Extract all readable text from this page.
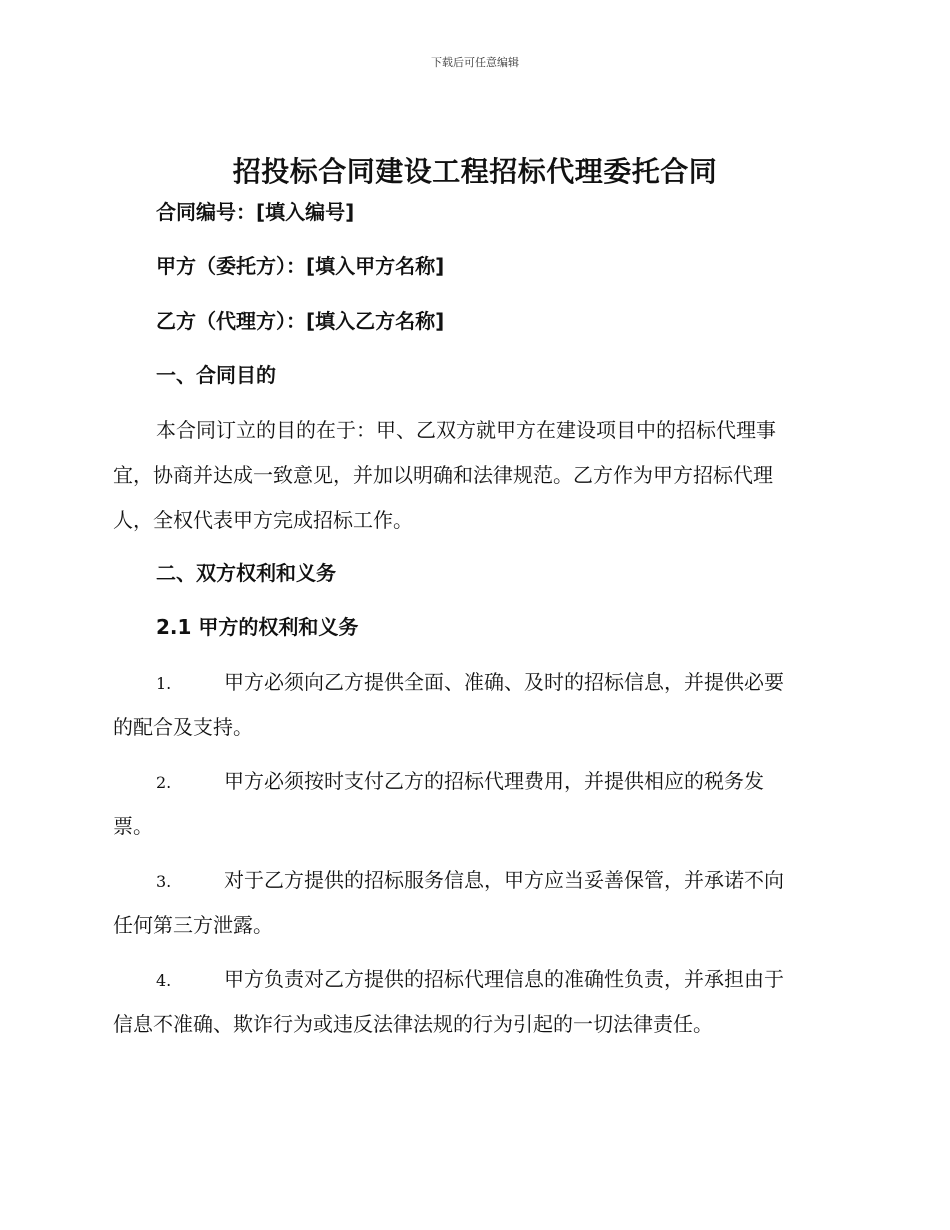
下载后可任意编辑
招投标合同建设工程招标代理委托合同
合同编号：[填入编号]
甲方（委托方）：[填入甲方名称]
乙方（代理方）：[填入乙方名称]
一、合同目的
本合同订立的目的在于：甲、乙双方就甲方在建设项目中的招标代理事
宜，协商并达成一致意见，并加以明确和法律规范。乙方作为甲方招标代理
人，全权代表甲方完成招标工作。
二、双方权利和义务
2.1 甲方的权利和义务
1.	甲方必须向乙方提供全面、准确、及时的招标信息，并提供必要
的配合及支持。
2.	甲方必须按时支付乙方的招标代理费用，并提供相应的税务发
票。
3.	对于乙方提供的招标服务信息，甲方应当妥善保管，并承诺不向
任何第三方泄露。
4.	甲方负责对乙方提供的招标代理信息的准确性负责，并承担由于
信息不准确、欺诈行为或违反法律法规的行为引起的一切法律责任。
